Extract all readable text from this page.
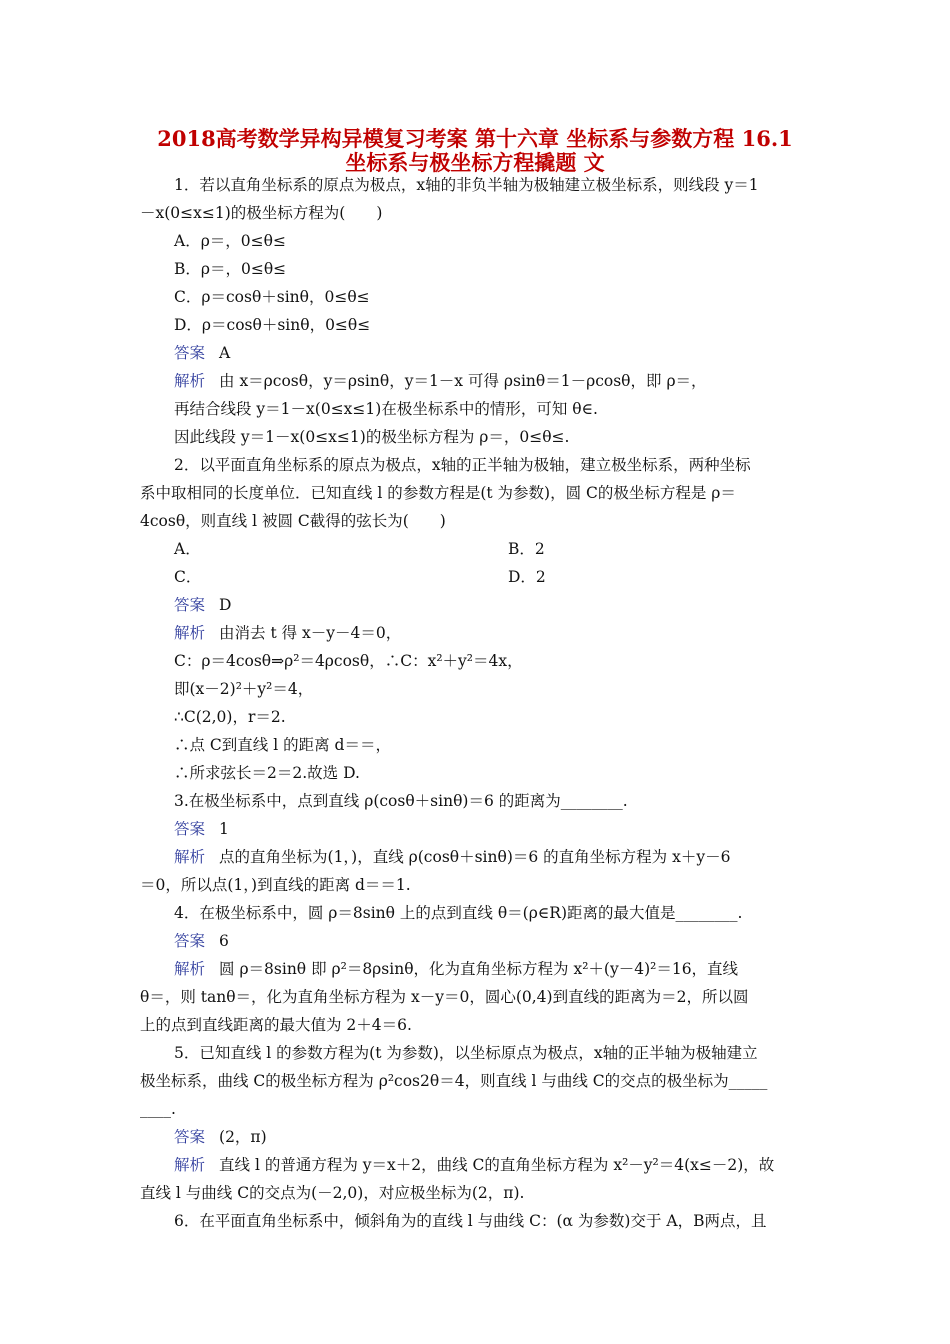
2018高考数学异构异模复习考案 第十六章 坐标系与参数方程 16.1
坐标系与极坐标方程撬题 文
1．若以直角坐标系的原点为极点，x轴的非负半轴为极轴建立极坐标系，则线段 y＝1
－x(0≤x≤1)的极坐标方程为(　　)
A．ρ＝，0≤θ≤
B．ρ＝，0≤θ≤
C．ρ＝cosθ＋sinθ，0≤θ≤
D．ρ＝cosθ＋sinθ，0≤θ≤
答案 A
解析 由 x＝ρcosθ，y＝ρsinθ，y＝1－x 可得 ρsinθ＝1－ρcosθ，即 ρ＝，
再结合线段 y＝1－x(0≤x≤1)在极坐标系中的情形，可知 θ∈.
因此线段 y＝1－x(0≤x≤1)的极坐标方程为 ρ＝，0≤θ≤.
2．以平面直角坐标系的原点为极点，x轴的正半轴为极轴，建立极坐标系，两种坐标
系中取相同的长度单位．已知直线 l 的参数方程是(t 为参数)，圆 C的极坐标方程是 ρ＝
4cosθ，则直线 l 被圆 C截得的弦长为(　　)
A．	B．2
C．	D．2
答案 D
解析 由消去 t 得 x－y－4＝0，
C：ρ＝4cosθ⇒ρ²＝4ρcosθ，∴C：x²＋y²＝4x，
即(x－2)²＋y²＝4，
∴C(2,0)，r＝2.
∴点 C到直线 l 的距离 d＝＝，
∴所求弦长＝2＝2.故选 D.
3.在极坐标系中，点到直线 ρ(cosθ＋sinθ)＝6 的距离为________.
答案 1
解析 点的直角坐标为(1，)，直线 ρ(cosθ＋sinθ)＝6 的直角坐标方程为 x＋y－6
＝0，所以点(1，)到直线的距离 d＝＝1.
4．在极坐标系中，圆 ρ＝8sinθ 上的点到直线 θ＝(ρ∈R)距离的最大值是________.
答案 6
解析 圆 ρ＝8sinθ 即 ρ²＝8ρsinθ，化为直角坐标方程为 x²＋(y－4)²＝16，直线
θ＝，则 tanθ＝，化为直角坐标方程为 x－y＝0，圆心(0,4)到直线的距离为＝2，所以圆
上的点到直线距离的最大值为 2＋4＝6.
5．已知直线 l 的参数方程为(t 为参数)，以坐标原点为极点，x轴的正半轴为极轴建立
极坐标系，曲线 C的极坐标方程为 ρ²cos2θ＝4，则直线 l 与曲线 C的交点的极坐标为_____
____.
答案 (2，π)
解析 直线 l 的普通方程为 y＝x＋2，曲线 C的直角坐标方程为 x²－y²＝4(x≤－2)，故
直线 l 与曲线 C的交点为(－2,0)，对应极坐标为(2，π).
6．在平面直角坐标系中，倾斜角为的直线 l 与曲线 C：(α 为参数)交于 A，B两点，且
